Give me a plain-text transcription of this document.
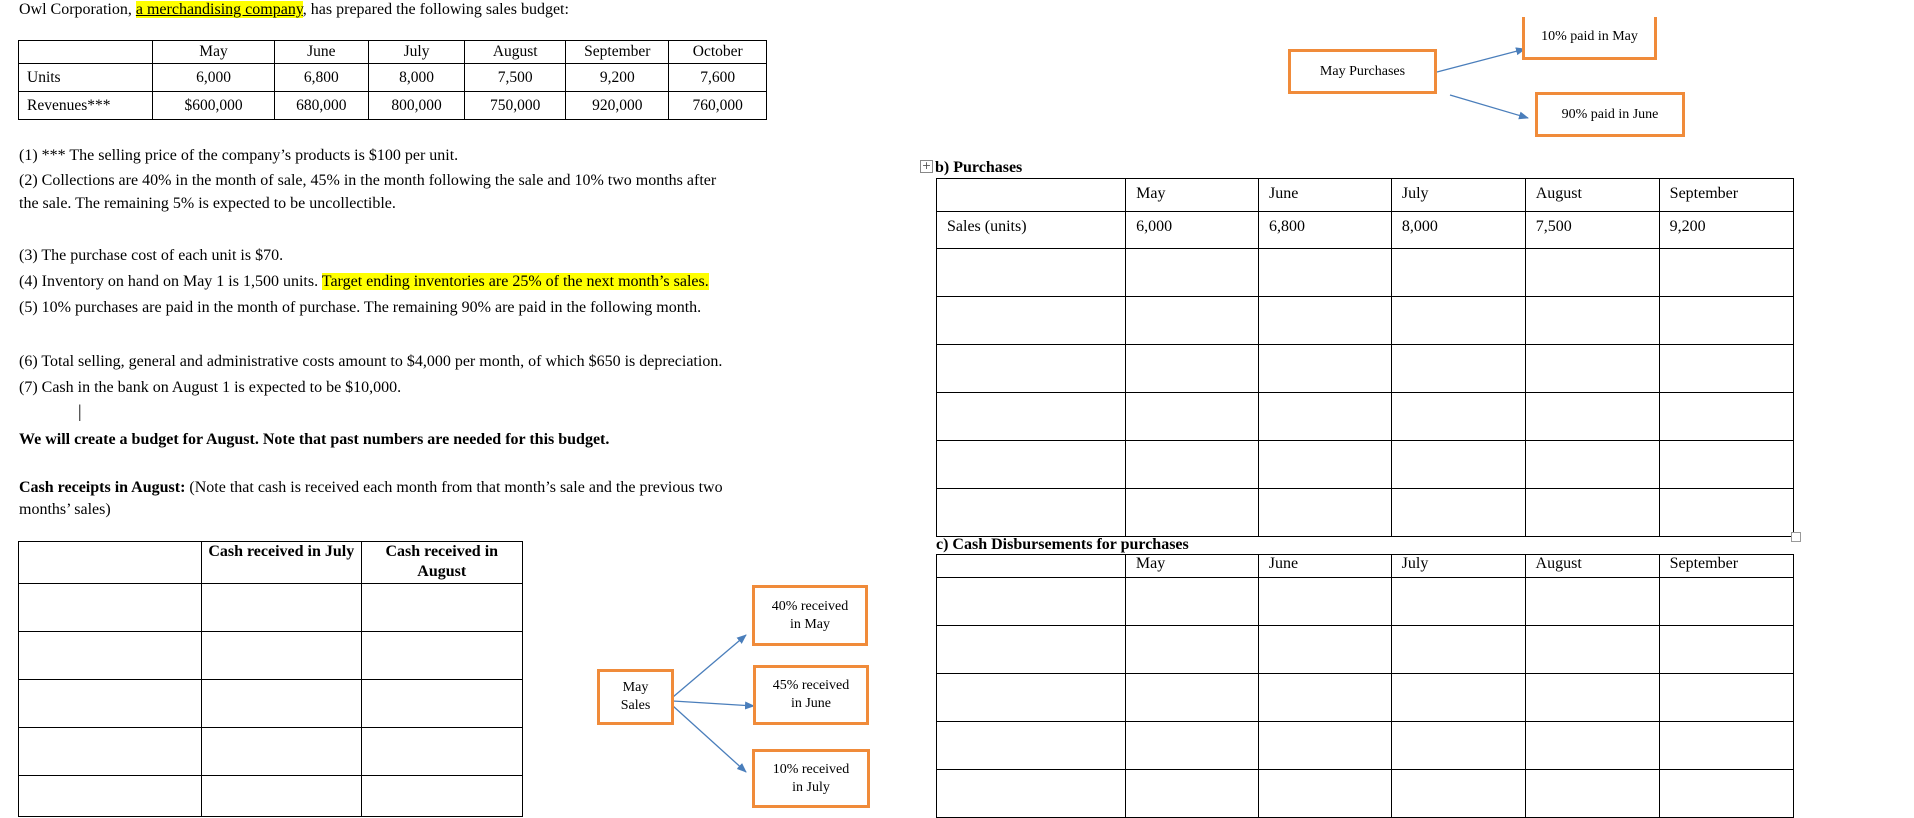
Owl Corporation, a merchandising company, has prepared the following sales budget:
	May	June	July	August	September	October
Units	6,000	6,800	8,000	7,500	9,200	7,600
Revenues***	$600,000	680,000	800,000	750,000	920,000	760,000
(1) *** The selling price of the company’s products is $100 per unit.
(2) Collections are 40% in the month of sale, 45% in the month following the sale and 10% two months after
the sale. The remaining 5% is expected to be uncollectible.
(3) The purchase cost of each unit is $70.
(4) Inventory on hand on May 1 is 1,500 units. Target ending inventories are 25% of the next month’s sales.
(5) 10% purchases are paid in the month of purchase. The remaining 90% are paid in the following month.
(6) Total selling, general and administrative costs amount to $4,000 per month, of which $650 is depreciation.
(7) Cash in the bank on August 1 is expected to be $10,000.
|
We will create a budget for August. Note that past numbers are needed for this budget.
Cash receipts in August: (Note that cash is received each month from that month’s sale and the previous two
months’ sales)
	Cash received in July	Cash received in August

May Sales
40% received in May
45% received in June
10% received in July
May Purchases
10% paid in May
90% paid in June
+ b) Purchases
	May	June	July	August	September
Sales (units)	6,000	6,800	8,000	7,500	9,200

c) Cash Disbursements for purchases
	May	June	July	August	September
